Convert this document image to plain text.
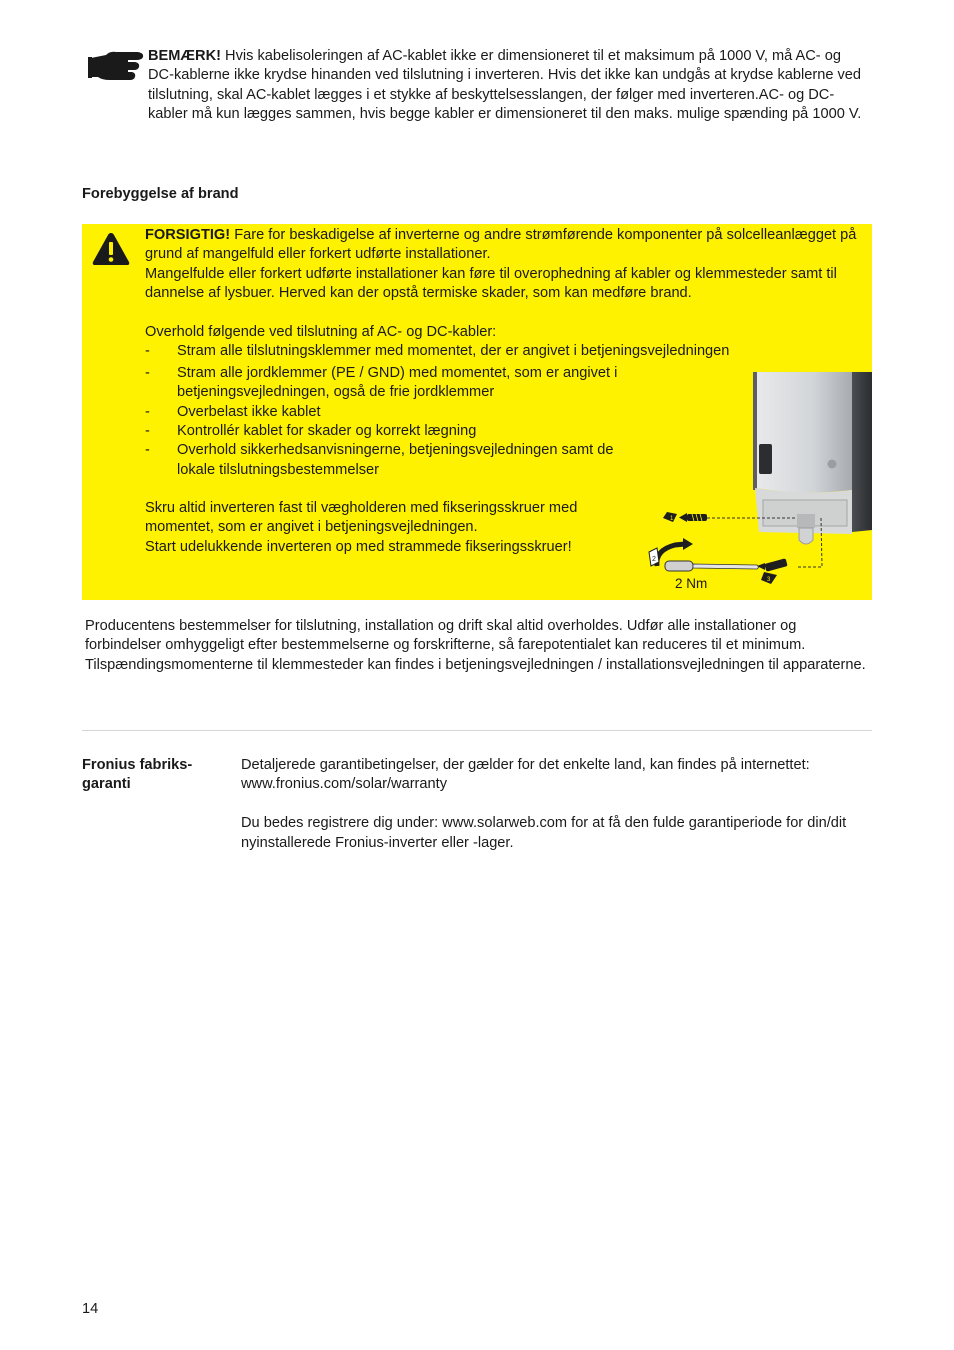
BEMÆRK! Hvis kabelisoleringen af AC-kablet ikke er dimensioneret til et maksimum på 1000 V, må AC- og DC-kablerne ikke krydse hinanden ved tilslutning i inverteren. Hvis det ikke kan undgås at krydse kablerne ved tilslutning, skal AC-kablet lægges i et stykke af beskyttelsesslangen, der følger med inverteren.AC- og DC-kabler må kun lægges sammen, hvis begge kabler er dimensioneret til den maks. mulige spænding på 1000 V.
Forebyggelse af brand

FORSIGTIG! Fare for beskadigelse af inverterne og andre strømførende komponenter på solcelleanlægget på grund af mangelfuld eller forkert udførte installationer.

Mangelfulde eller forkert udførte installationer kan føre til overophedning af kabler og klemmesteder samt til dannelse af lysbuer. Herved kan der opstå termiske skader, som kan medføre brand.

Overhold følgende ved tilslutning af AC- og DC-kabler:

- Stram alle tilslutningsklemmer med momentet, der er angivet i betjeningsvejledningen
- Stram alle jordklemmer (PE / GND) med momentet, som er angivet i betjeningsvejledningen, også de frie jordklemmer
- Overbelast ikke kablet
- Kontrollér kablet for skader og korrekt lægning
- Overhold sikkerhedsanvisningerne, betjeningsvejledningen samt de lokale tilslutningsbestemmelser

Skru altid inverteren fast til vægholderen med fikseringsskruer med momentet, som er angivet i betjeningsvejledningen.

Start udelukkende inverteren op med strammede fikseringsskruer!

1
2
3
2 Nm
Producentens bestemmelser for tilslutning, installation og drift skal altid overholdes. Udfør alle installationer og forbindelser omhyggeligt efter bestemmelserne og forskrifterne, så farepotentialet kan reduceres til et minimum. Tilspændingsmomenterne til klemmesteder kan findes i betjeningsvejledningen / installationsvejledningen til apparaterne.
Fronius fabriks-garanti

Detaljerede garantibetingelser, der gælder for det enkelte land, kan findes på internettet: www.fronius.com/solar/warranty

Du bedes registrere dig under: www.solarweb.com for at få den fulde garantiperiode for din/dit nyinstallerede Fronius-inverter eller -lager.

14
